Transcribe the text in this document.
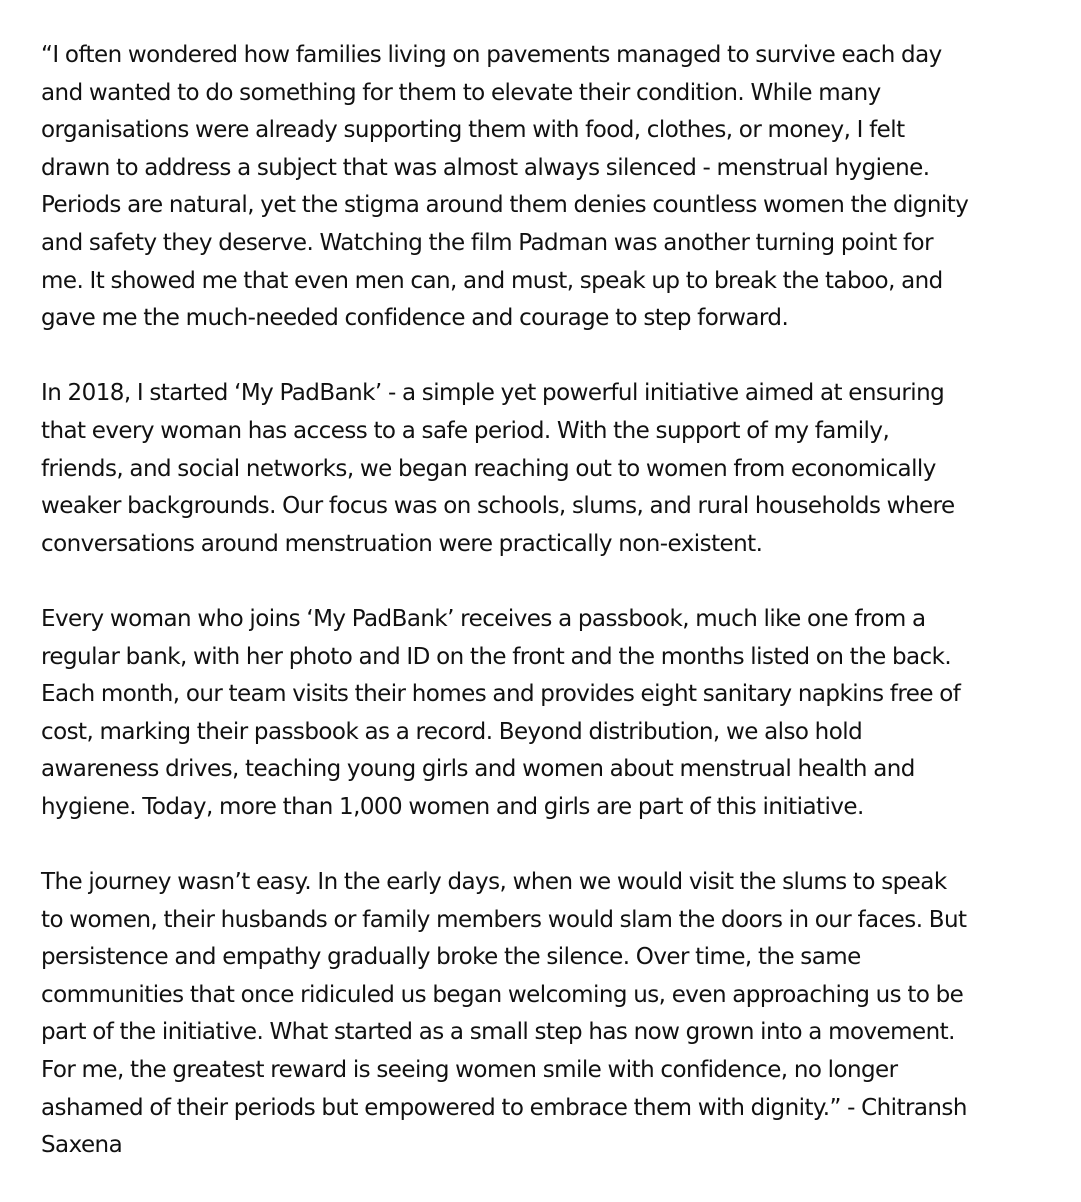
“I often wondered how families living on pavements managed to survive each day
and wanted to do something for them to elevate their condition. While many
organisations were already supporting them with food, clothes, or money, I felt
drawn to address a subject that was almost always silenced - menstrual hygiene.
Periods are natural, yet the stigma around them denies countless women the dignity
and safety they deserve. Watching the film Padman was another turning point for
me. It showed me that even men can, and must, speak up to break the taboo, and
gave me the much-needed confidence and courage to step forward.

In 2018, I started ‘My PadBank’ - a simple yet powerful initiative aimed at ensuring
that every woman has access to a safe period. With the support of my family,
friends, and social networks, we began reaching out to women from economically
weaker backgrounds. Our focus was on schools, slums, and rural households where
conversations around menstruation were practically non-existent.

Every woman who joins ‘My PadBank’ receives a passbook, much like one from a
regular bank, with her photo and ID on the front and the months listed on the back.
Each month, our team visits their homes and provides eight sanitary napkins free of
cost, marking their passbook as a record. Beyond distribution, we also hold
awareness drives, teaching young girls and women about menstrual health and
hygiene. Today, more than 1,000 women and girls are part of this initiative.

The journey wasn’t easy. In the early days, when we would visit the slums to speak
to women, their husbands or family members would slam the doors in our faces. But
persistence and empathy gradually broke the silence. Over time, the same
communities that once ridiculed us began welcoming us, even approaching us to be
part of the initiative. What started as a small step has now grown into a movement.
For me, the greatest reward is seeing women smile with confidence, no longer
ashamed of their periods but empowered to embrace them with dignity.” - Chitransh
Saxena
